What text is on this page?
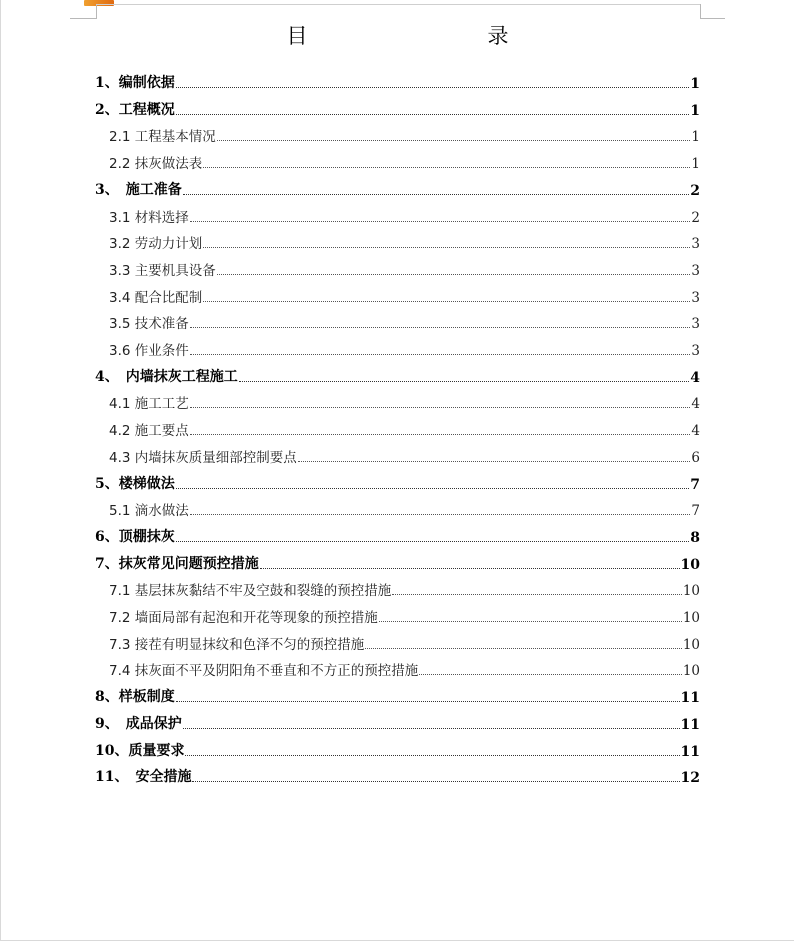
目　　录
1、编制依据	1
2、工程概况	1
2.1 工程基本情况	1
2.2 抹灰做法表	1
3、　施工准备	2
3.1 材料选择	2
3.2 劳动力计划	3
3.3 主要机具设备	3
3.4 配合比配制	3
3.5 技术准备	3
3.6 作业条件	3
4、　内墙抹灰工程施工	4
4.1 施工工艺	4
4.2 施工要点	4
4.3 内墙抹灰质量细部控制要点	6
5、楼梯做法	7
5.1 滴水做法	7
6、顶棚抹灰	8
7、抹灰常见问题预控措施	10
7.1 基层抹灰黏结不牢及空鼓和裂缝的预控措施	10
7.2 墙面局部有起泡和开花等现象的预控措施	10
7.3 接茬有明显抹纹和色泽不匀的预控措施	10
7.4 抹灰面不平及阴阳角不垂直和不方正的预控措施	10
8、样板制度	11
9、　成品保护	11
10、质量要求	11
11、　安全措施	12
